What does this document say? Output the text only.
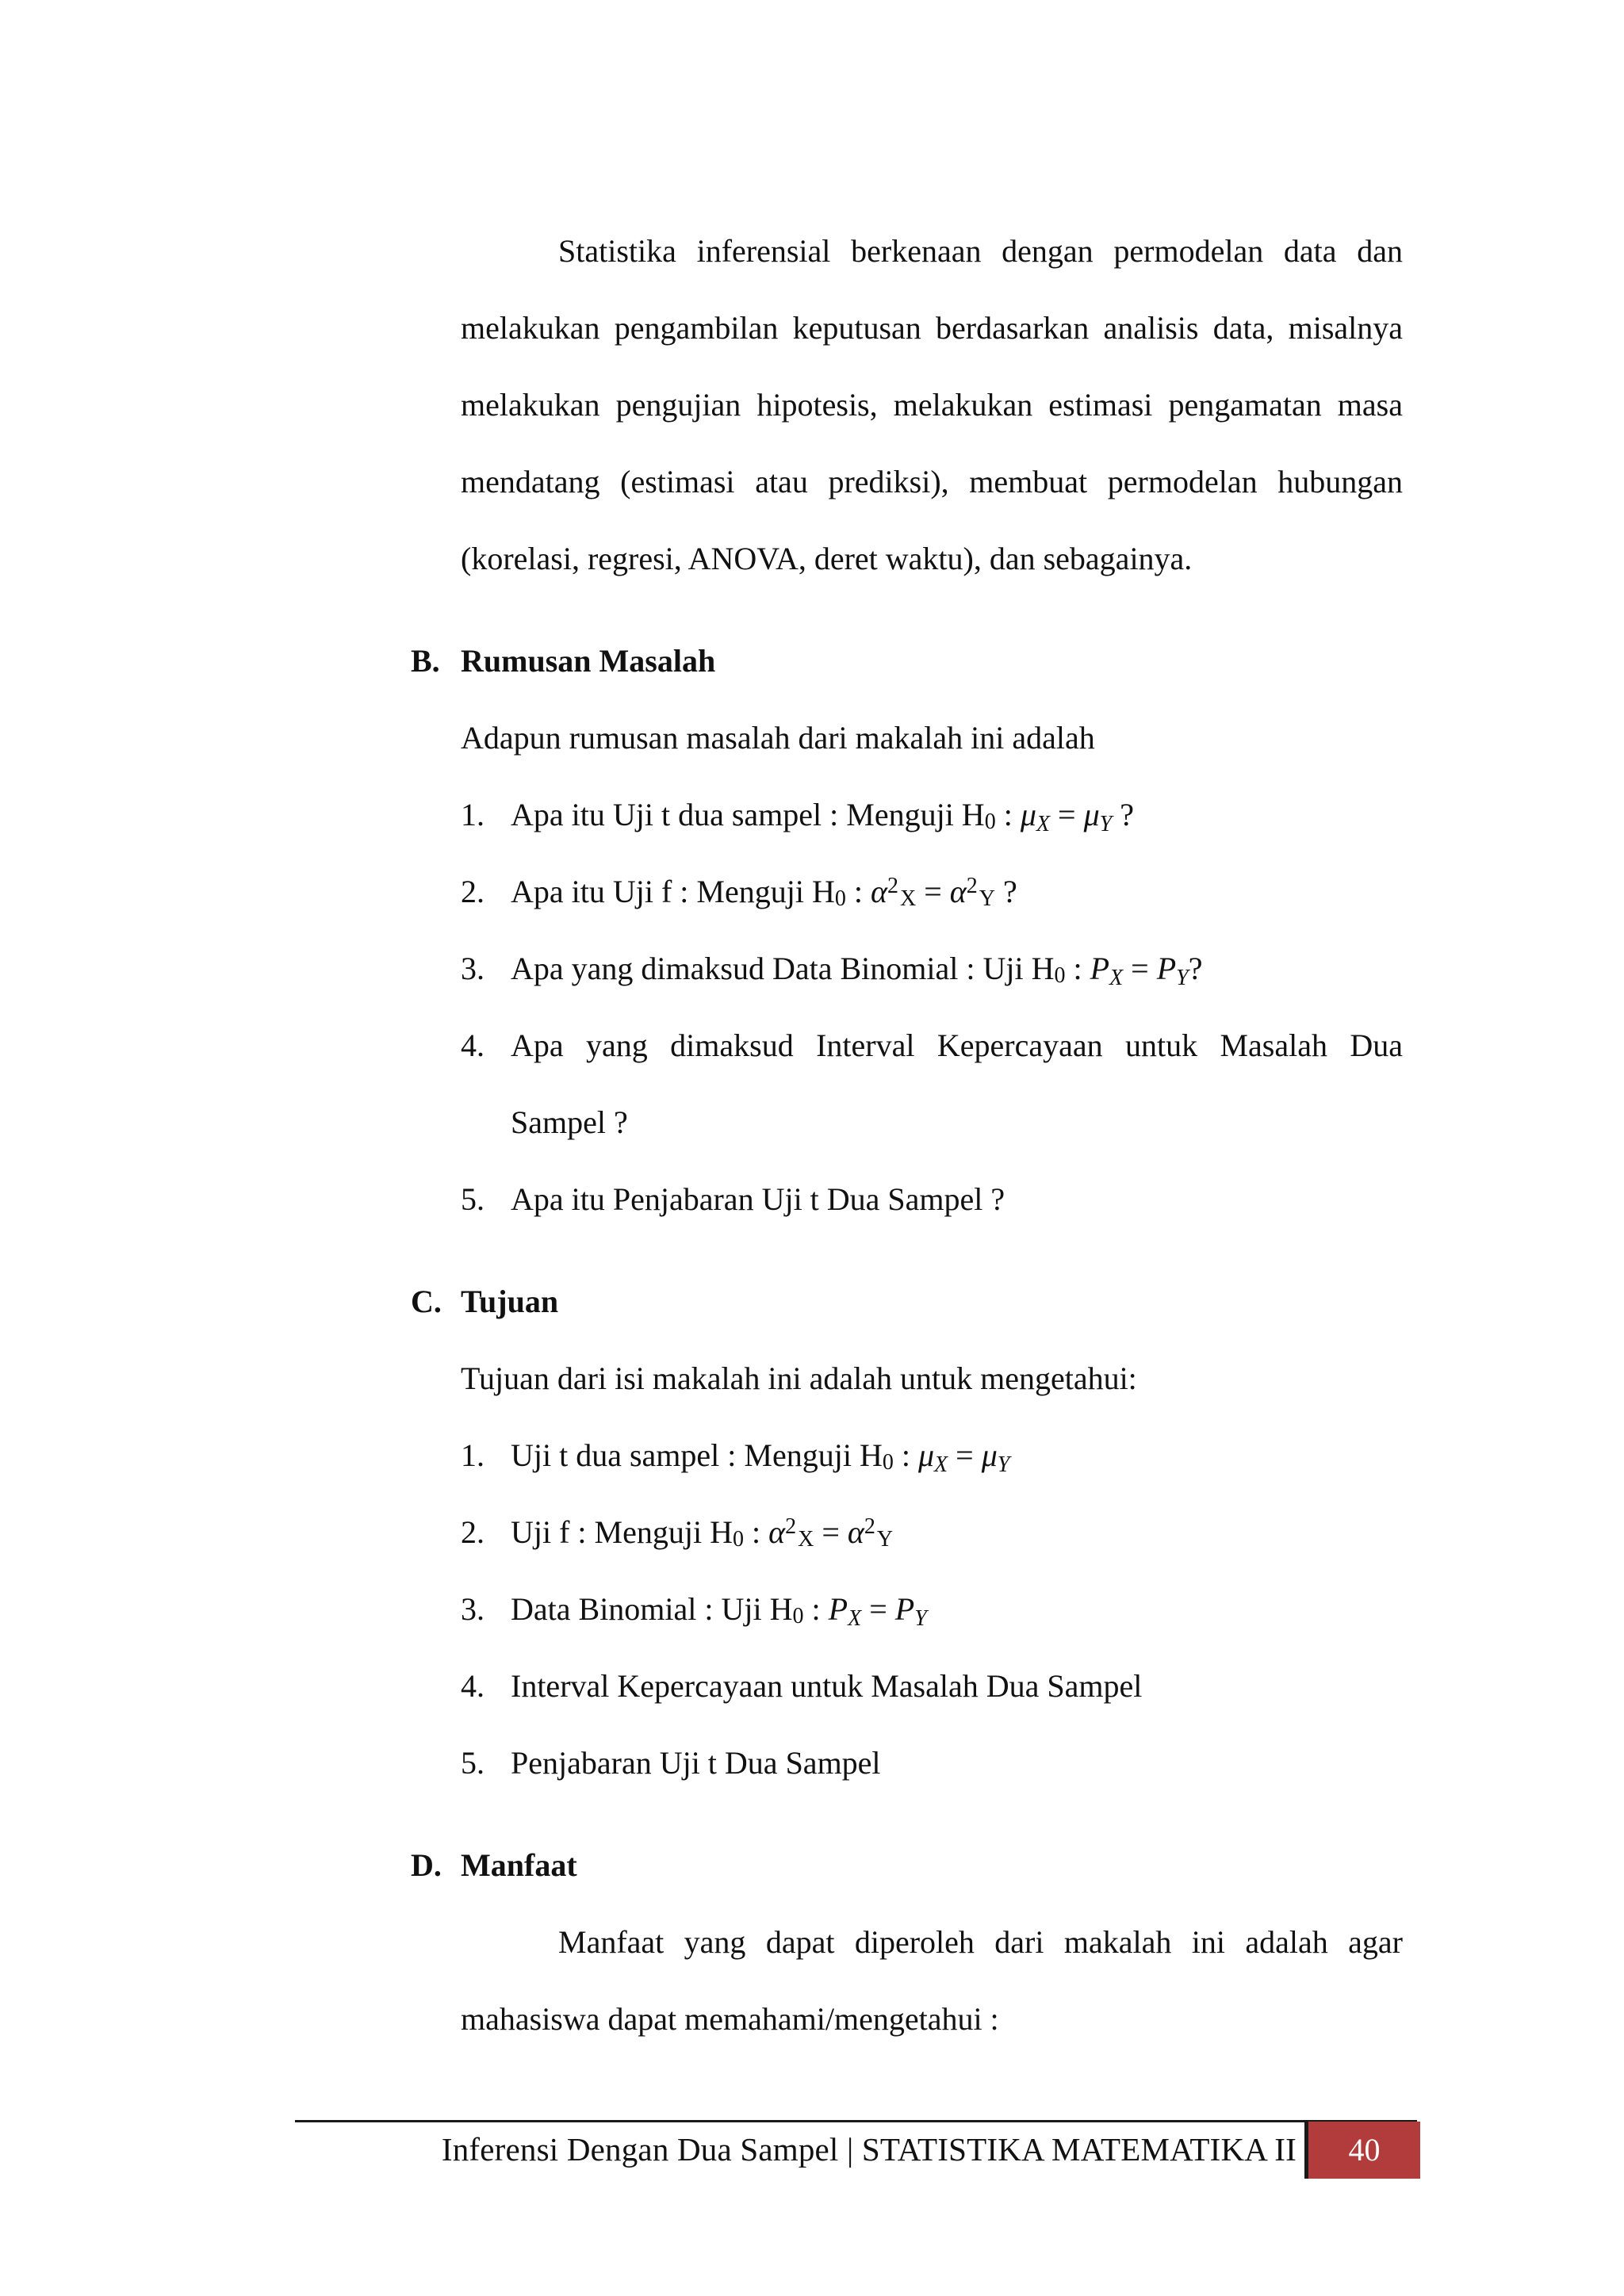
Statistika inferensial berkenaan dengan permodelan data dan
melakukan pengambilan keputusan berdasarkan analisis data, misalnya
melakukan pengujian hipotesis, melakukan estimasi pengamatan masa
mendatang (estimasi atau prediksi), membuat permodelan hubungan
(korelasi, regresi, ANOVA, deret waktu), dan sebagainya.
B. Rumusan Masalah
Adapun rumusan masalah dari makalah ini adalah
1. Apa itu Uji t dua sampel : Menguji H0 : μX = μY ?
2. Apa itu Uji f : Menguji H0 : $\alpha^2X = \alpha^2Y$ ?
3. Apa yang dimaksud Data Binomial : Uji H0 : PX = PY?
4. Apa yang dimaksud Interval Kepercayaan untuk Masalah Dua
Sampel ?
5. Apa itu Penjabaran Uji t Dua Sampel ?
C. Tujuan
Tujuan dari isi makalah ini adalah untuk mengetahui:
1. Uji t dua sampel : Menguji H0 : μX = μY
2. Uji f : Menguji H0 : $\alpha^2X = \alpha^2Y$
3. Data Binomial : Uji H0 : PX = PY
4. Interval Kepercayaan untuk Masalah Dua Sampel
5. Penjabaran Uji t Dua Sampel
D. Manfaat
Manfaat yang dapat diperoleh dari makalah ini adalah agar
mahasiswa dapat memahami/mengetahui :
Inferensi Dengan Dua Sampel | STATISTIKA MATEMATIKA II	40
